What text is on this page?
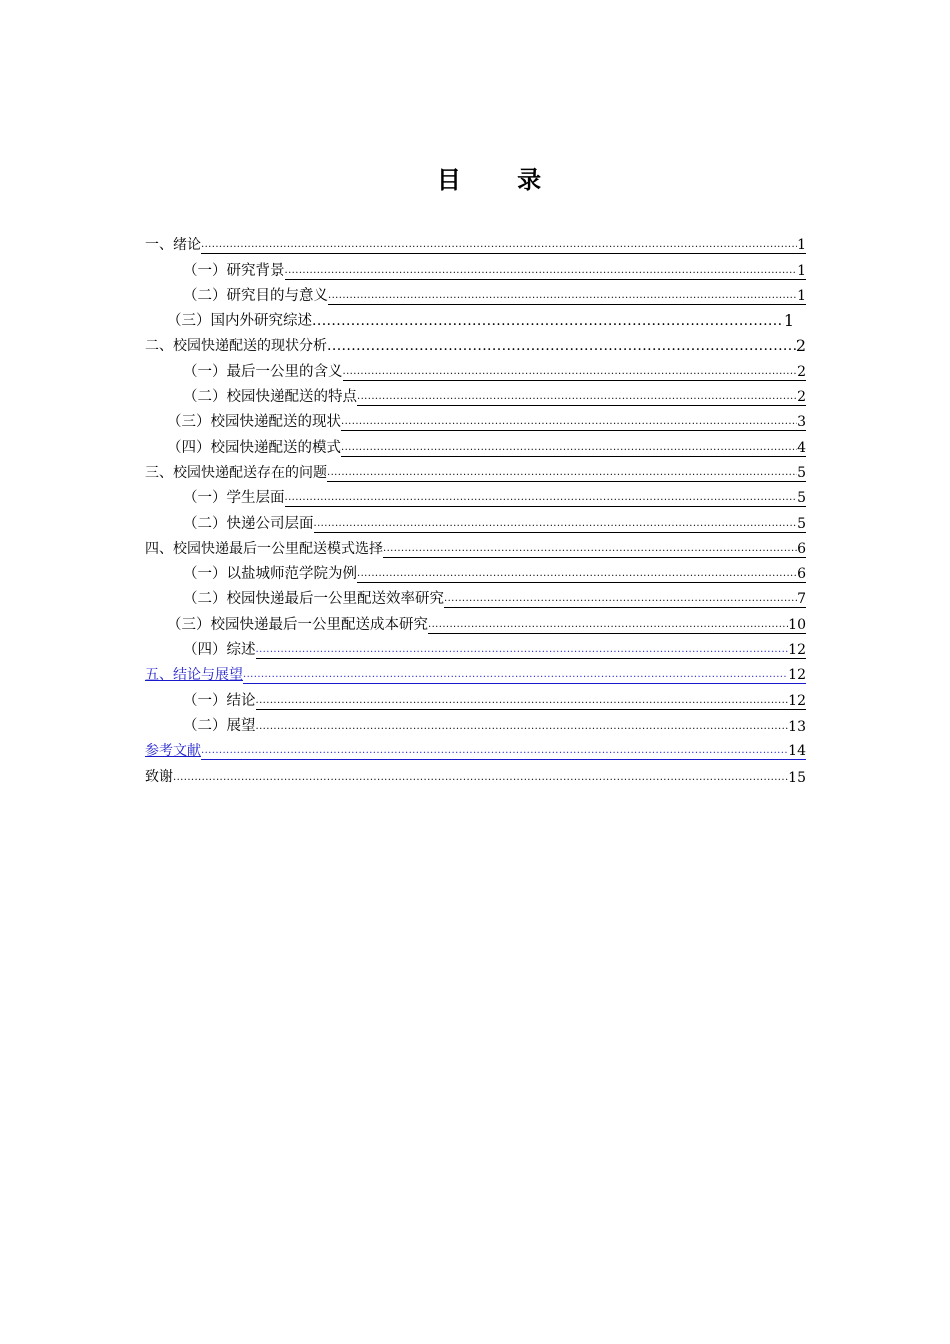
目 录
一、绪论 .....	1
（一）研究背景 .....	1
（二）研究目的与意义 .....	1
（三）国内外研究综述 .....	1
二、校园快递配送的现状分析 .....	2
（一）最后一公里的含义 .....	2
（二）校园快递配送的特点 .....	2
（三）校园快递配送的现状 .....	3
（四）校园快递配送的模式 .....	4
三、校园快递配送存在的问题 .....	5
（一）学生层面 .....	5
（二）快递公司层面 .....	5
四、校园快递最后一公里配送模式选择 .....	6
（一）以盐城师范学院为例 .....	6
（二）校园快递最后一公里配送效率研究 .....	7
（三）校园快递最后一公里配送成本研究 .....	10
（四）综述 .....	12
五、结论与展望 .....	12
（一）结论 .....	12
（二）展望 .....	13
参考文献 .....	14
致谢 .....	15
